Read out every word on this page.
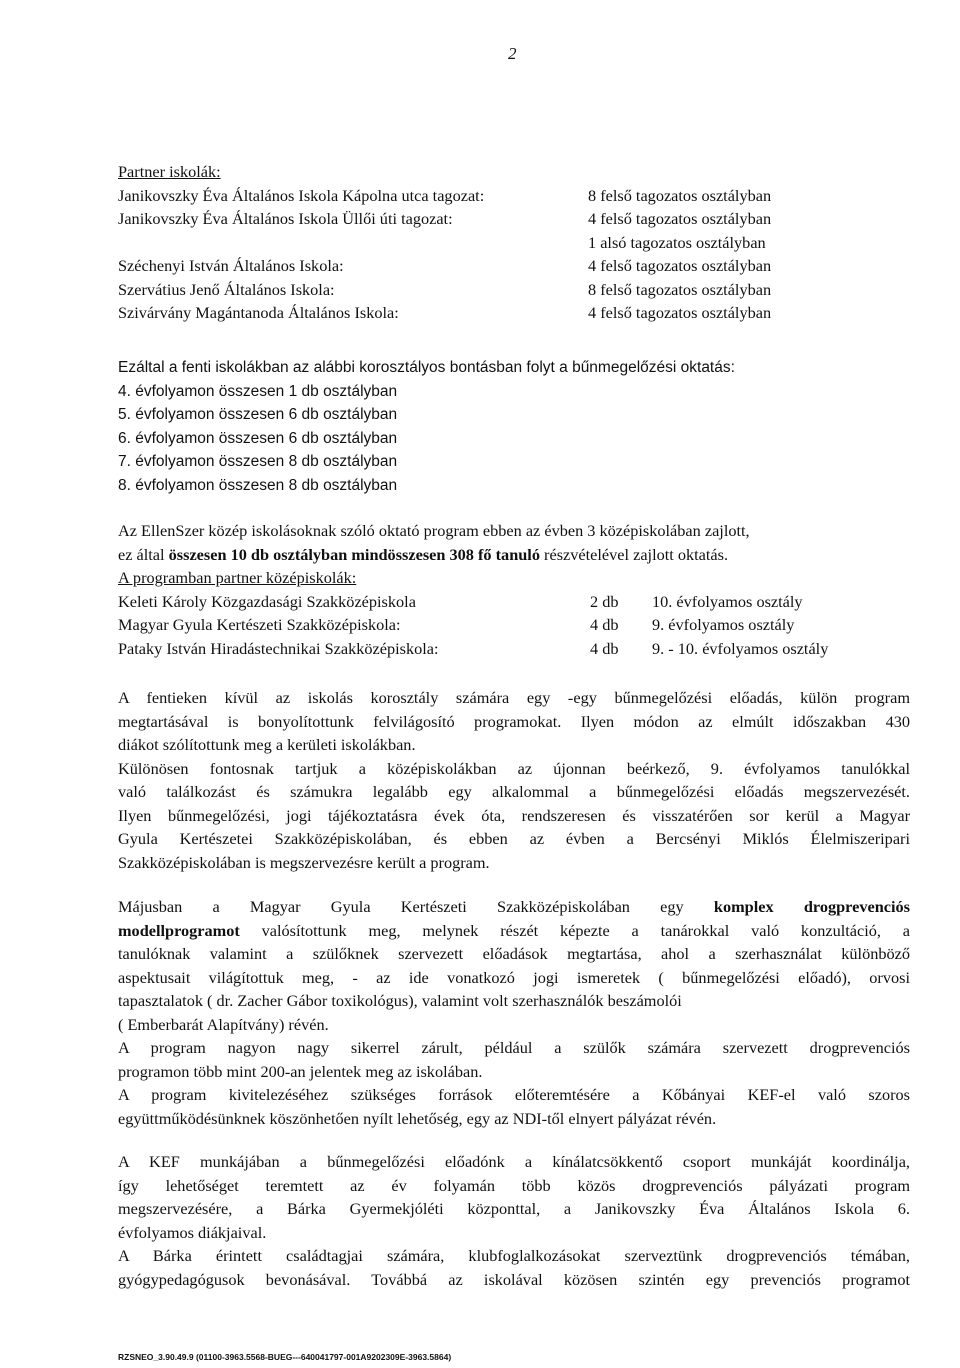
2
Partner iskolák:
Janikovszky Éva Általános Iskola Kápolna utca tagozat:	8 felső tagozatos osztályban
Janikovszky Éva Általános Iskola Üllői úti tagozat:	4 felső tagozatos osztályban
1 alsó tagozatos osztályban
Széchenyi István Általános Iskola:	4 felső tagozatos osztályban
Szervátius Jenő Általános Iskola:	8 felső tagozatos osztályban
Szivárvány Magántanoda Általános Iskola:	4 felső tagozatos osztályban
Ezáltal a fenti iskolákban az alábbi korosztályos bontásban folyt a bűnmegelőzési oktatás:
4. évfolyamon összesen 1 db osztályban
5. évfolyamon összesen 6 db osztályban
6. évfolyamon összesen 6 db osztályban
7. évfolyamon összesen 8 db osztályban
8. évfolyamon összesen 8 db osztályban
Az EllenSzer közép iskolásoknak szóló oktató program ebben az évben 3 középiskolában zajlott,
ez által összesen 10 db osztályban mindösszesen 308 fő tanuló részvételével zajlott oktatás.
A programban partner középiskolák:
Keleti Károly Közgazdasági Szakközépiskola	2 db 10. évfolyamos osztály
Magyar Gyula Kertészeti Szakközépiskola:	4 db 9. évfolyamos osztály
Pataky István Hiradástechnikai Szakközépiskola:	4 db 9. - 10. évfolyamos osztály
A fentieken kívül az iskolás korosztály számára egy -egy bűnmegelőzési előadás, külön program
megtartásával is bonyolítottunk felvilágosító programokat. Ilyen módon az elmúlt időszakban 430
diákot szólítottunk meg a kerületi iskolákban.
Különösen fontosnak tartjuk a középiskolákban az újonnan beérkező, 9. évfolyamos tanulókkal
való találkozást és számukra legalább egy alkalommal a bűnmegelőzési előadás megszervezését.
Ilyen bűnmegelőzési, jogi tájékoztatásra évek óta, rendszeresen és visszatérően sor kerül a Magyar
Gyula Kertészetei Szakközépiskolában, és ebben az évben a Bercsényi Miklós Élelmiszeripari
Szakközépiskolában is megszervezésre került a program.
Májusban a Magyar Gyula Kertészeti Szakközépiskolában egy komplex drogprevenciós
modellprogramot valósítottunk meg, melynek részét képezte a tanárokkal való konzultáció, a
tanulóknak valamint a szülőknek szervezett előadások megtartása, ahol a szerhasználat különböző
aspektusait világítottuk meg, - az ide vonatkozó jogi ismeretek ( bűnmegelőzési előadó), orvosi
tapasztalatok ( dr. Zacher Gábor toxikológus), valamint volt szerhasználók beszámolói
( Emberbarát Alapítvány) révén.
A program nagyon nagy sikerrel zárult, például a szülők számára szervezett drogprevenciós
programon több mint 200-an jelentek meg az iskolában.
A program kivitelezéséhez szükséges források előteremtésére a Kőbányai KEF-el való szoros
együttműködésünknek köszönhetően nyílt lehetőség, egy az NDI-től elnyert pályázat révén.
A KEF munkájában a bűnmegelőzési előadónk a kínálatcsökkentő csoport munkáját koordinálja,
így lehetőséget teremtett az év folyamán több közös drogprevenciós pályázati program
megszervezésére, a Bárka Gyermekjóléti központtal, a Janikovszky Éva Általános Iskola 6.
évfolyamos diákjaival.
A Bárka érintett családtagjai számára, klubfoglalkozásokat szerveztünk drogprevenciós témában,
gyógypedagógusok bevonásával. Továbbá az iskolával közösen szintén egy prevenciós programot
RZSNEO_3.90.49.9 (01100-3963.5568-BUEG---640041797-001A9202309E-3963.5864)
